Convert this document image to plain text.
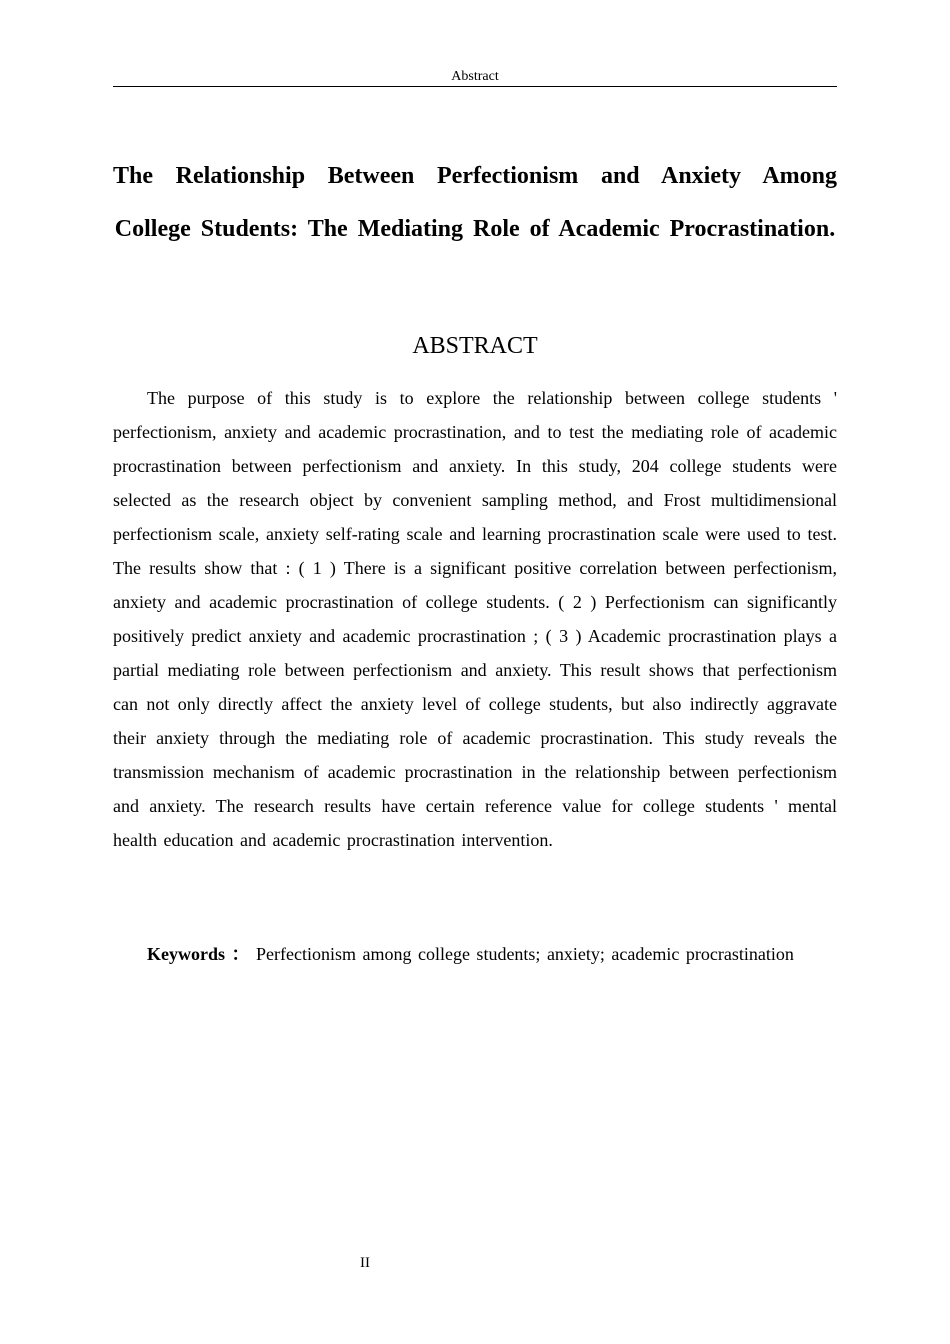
Abstract
The Relationship Between Perfectionism and Anxiety Among College Students: The Mediating Role of Academic Procrastination.
ABSTRACT

The purpose of this study is to explore the relationship between college students ' perfectionism, anxiety and academic procrastination, and to test the mediating role of academic procrastination between perfectionism and anxiety. In this study, 204 college students were selected as the research object by convenient sampling method, and Frost multidimensional perfectionism scale, anxiety self-rating scale and learning procrastination scale were used to test. The results show that : ( 1 ) There is a significant positive correlation between perfectionism, anxiety and academic procrastination of college students. ( 2 ) Perfectionism can significantly positively predict anxiety and academic procrastination ; ( 3 ) Academic procrastination plays a partial mediating role between perfectionism and anxiety. This result shows that perfectionism can not only directly affect the anxiety level of college students, but also indirectly aggravate their anxiety through the mediating role of academic procrastination. This study reveals the transmission mechanism of academic procrastination in the relationship between perfectionism and anxiety. The research results have certain reference value for college students ' mental health education and academic procrastination intervention.

Keywords ： Perfectionism among college students; anxiety; academic procrastination

II
